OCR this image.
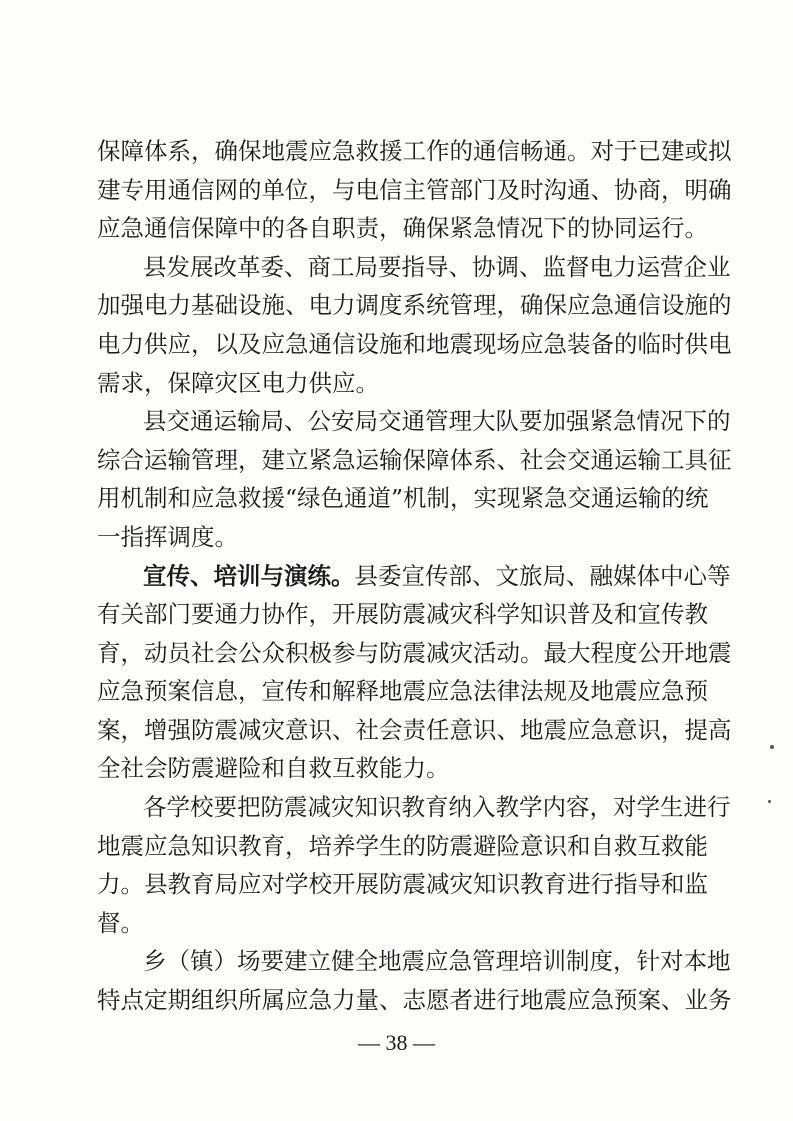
保障体系，确保地震应急救援工作的通信畅通。对于已建或拟
建专用通信网的单位，与电信主管部门及时沟通、协商，明确
应急通信保障中的各自职责，确保紧急情况下的协同运行。
县发展改革委、商工局要指导、协调、监督电力运营企业
加强电力基础设施、电力调度系统管理，确保应急通信设施的
电力供应，以及应急通信设施和地震现场应急装备的临时供电
需求，保障灾区电力供应。
县交通运输局、公安局交通管理大队要加强紧急情况下的
综合运输管理，建立紧急运输保障体系、社会交通运输工具征
用机制和应急救援“绿色通道”机制，实现紧急交通运输的统
一指挥调度。
宣传、培训与演练。县委宣传部、文旅局、融媒体中心等
有关部门要通力协作，开展防震减灾科学知识普及和宣传教
育，动员社会公众积极参与防震减灾活动。最大程度公开地震
应急预案信息，宣传和解释地震应急法律法规及地震应急预
案，增强防震减灾意识、社会责任意识、地震应急意识，提高
全社会防震避险和自救互救能力。
各学校要把防震减灾知识教育纳入教学内容，对学生进行
地震应急知识教育，培养学生的防震避险意识和自救互救能
力。县教育局应对学校开展防震减灾知识教育进行指导和监
督。
乡（镇）场要建立健全地震应急管理培训制度，针对本地
特点定期组织所属应急力量、志愿者进行地震应急预案、业务
— 38 —
